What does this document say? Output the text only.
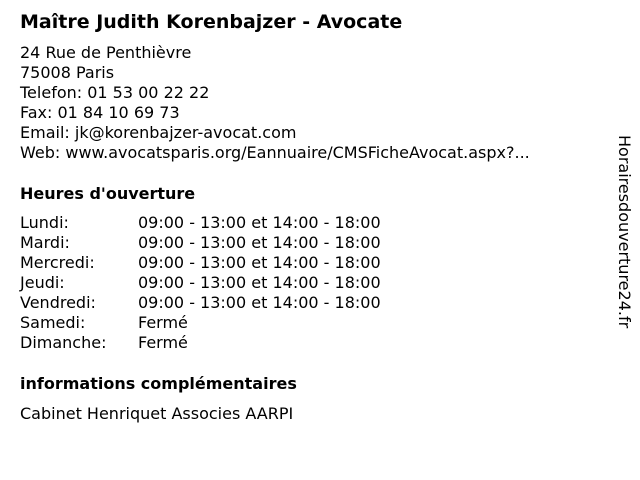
Maître Judith Korenbajzer - Avocate
24 Rue de Penthièvre
75008 Paris
Telefon: 01 53 00 22 22
Fax: 01 84 10 69 73
Email: jk@korenbajzer-avocat.com
Web: www.avocatsparis.org/Eannuaire/CMSFicheAvocat.aspx?...
Heures d'ouverture
Lundi:	09:00 - 13:00 et 14:00 - 18:00
Mardi:	09:00 - 13:00 et 14:00 - 18:00
Mercredi:	09:00 - 13:00 et 14:00 - 18:00
Jeudi:	09:00 - 13:00 et 14:00 - 18:00
Vendredi:	09:00 - 13:00 et 14:00 - 18:00
Samedi:	Fermé
Dimanche:	Fermé
informations complémentaires
Cabinet Henriquet Associes AARPI
Horairesdouverture24.fr
